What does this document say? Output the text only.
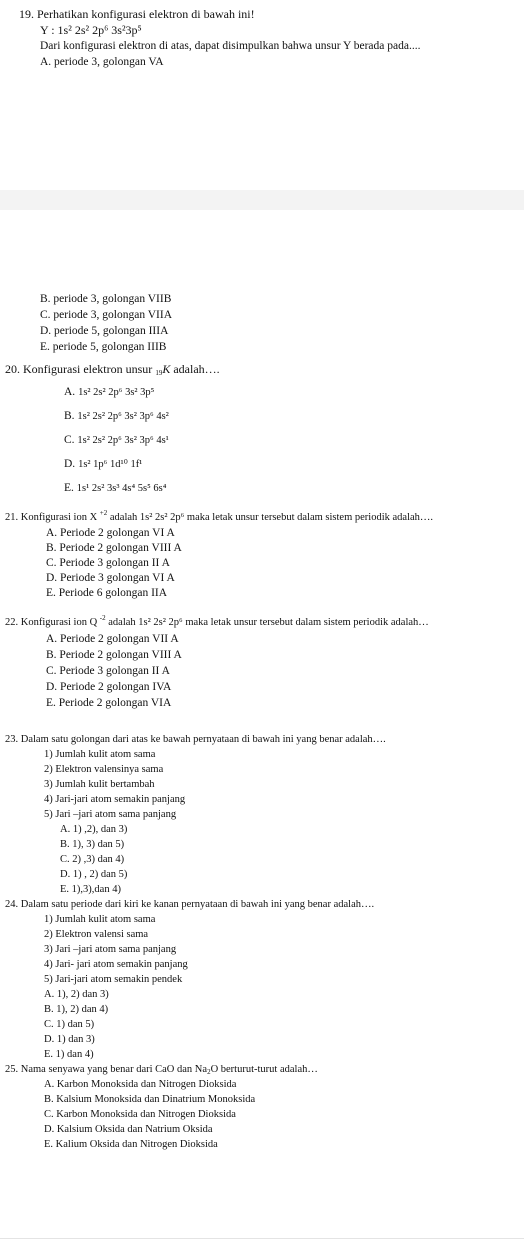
19. Perhatikan konfigurasi elektron di bawah ini!
Y : 1s² 2s² 2p⁶ 3s²3p⁵
Dari konfigurasi elektron di atas, dapat disimpulkan bahwa unsur Y berada pada....
A. periode 3, golongan VA
B. periode 3, golongan VIIB
C. periode 3, golongan VIIA
D. periode 5, golongan IIIA
E. periode 5, golongan IIIB
20. Konfigurasi elektron unsur $_{19}$K adalah….
A. 1s² 2s² 2p⁶ 3s² 3p⁵
B. 1s² 2s² 2p⁶ 3s² 3p⁶ 4s²
C. 1s² 2s² 2p⁶ 3s² 3p⁶ 4s¹
D. 1s² 1p⁶ 1d¹⁰ 1f¹
E. 1s¹ 2s² 3s³ 4s⁴ 5s⁵ 6s⁴
21. Konfigurasi ion X $^{+2}$ adalah 1s² 2s² 2p⁶ maka letak unsur tersebut dalam sistem periodik adalah….
A. Periode 2 golongan VI A
B. Periode 2 golongan VIII A
C. Periode 3 golongan II A
D. Periode 3 golongan VI A
E. Periode 6 golongan IIA
22. Konfigurasi ion Q $^{-2}$ adalah 1s² 2s² 2p⁶ maka letak unsur tersebut dalam sistem periodik adalah…
A. Periode 2 golongan VII A
B. Periode 2 golongan VIII A
C. Periode 3 golongan II A
D. Periode 2 golongan IVA
E. Periode 2 golongan VIA
23. Dalam satu golongan dari atas ke bawah pernyataan di bawah ini yang benar adalah….
1) Jumlah kulit atom sama
2) Elektron valensinya sama
3) Jumlah kulit bertambah
4) Jari-jari atom semakin panjang
5) Jari –jari atom sama panjang
A. 1) ,2), dan 3)
B. 1), 3) dan 5)
C. 2) ,3) dan 4)
D. 1) , 2) dan 5)
E. 1),3),dan 4)
24. Dalam satu periode dari kiri ke kanan pernyataan di bawah ini yang benar adalah….
1) Jumlah kulit atom sama
2) Elektron valensi sama
3) Jari –jari atom sama panjang
4) Jari- jari atom semakin panjang
5) Jari-jari atom semakin pendek
A. 1), 2) dan 3)
B. 1), 2) dan 4)
C. 1) dan 5)
D. 1) dan 3)
E. 1) dan 4)
25. Nama senyawa yang benar dari CaO dan $Na_2O$ berturut-turut adalah…
A. Karbon Monoksida dan Nitrogen Dioksida
B. Kalsium Monoksida dan Dinatrium Monoksida
C. Karbon Monoksida dan Nitrogen Dioksida
D. Kalsium Oksida dan Natrium Oksida
E. Kalium Oksida dan Nitrogen Dioksida
